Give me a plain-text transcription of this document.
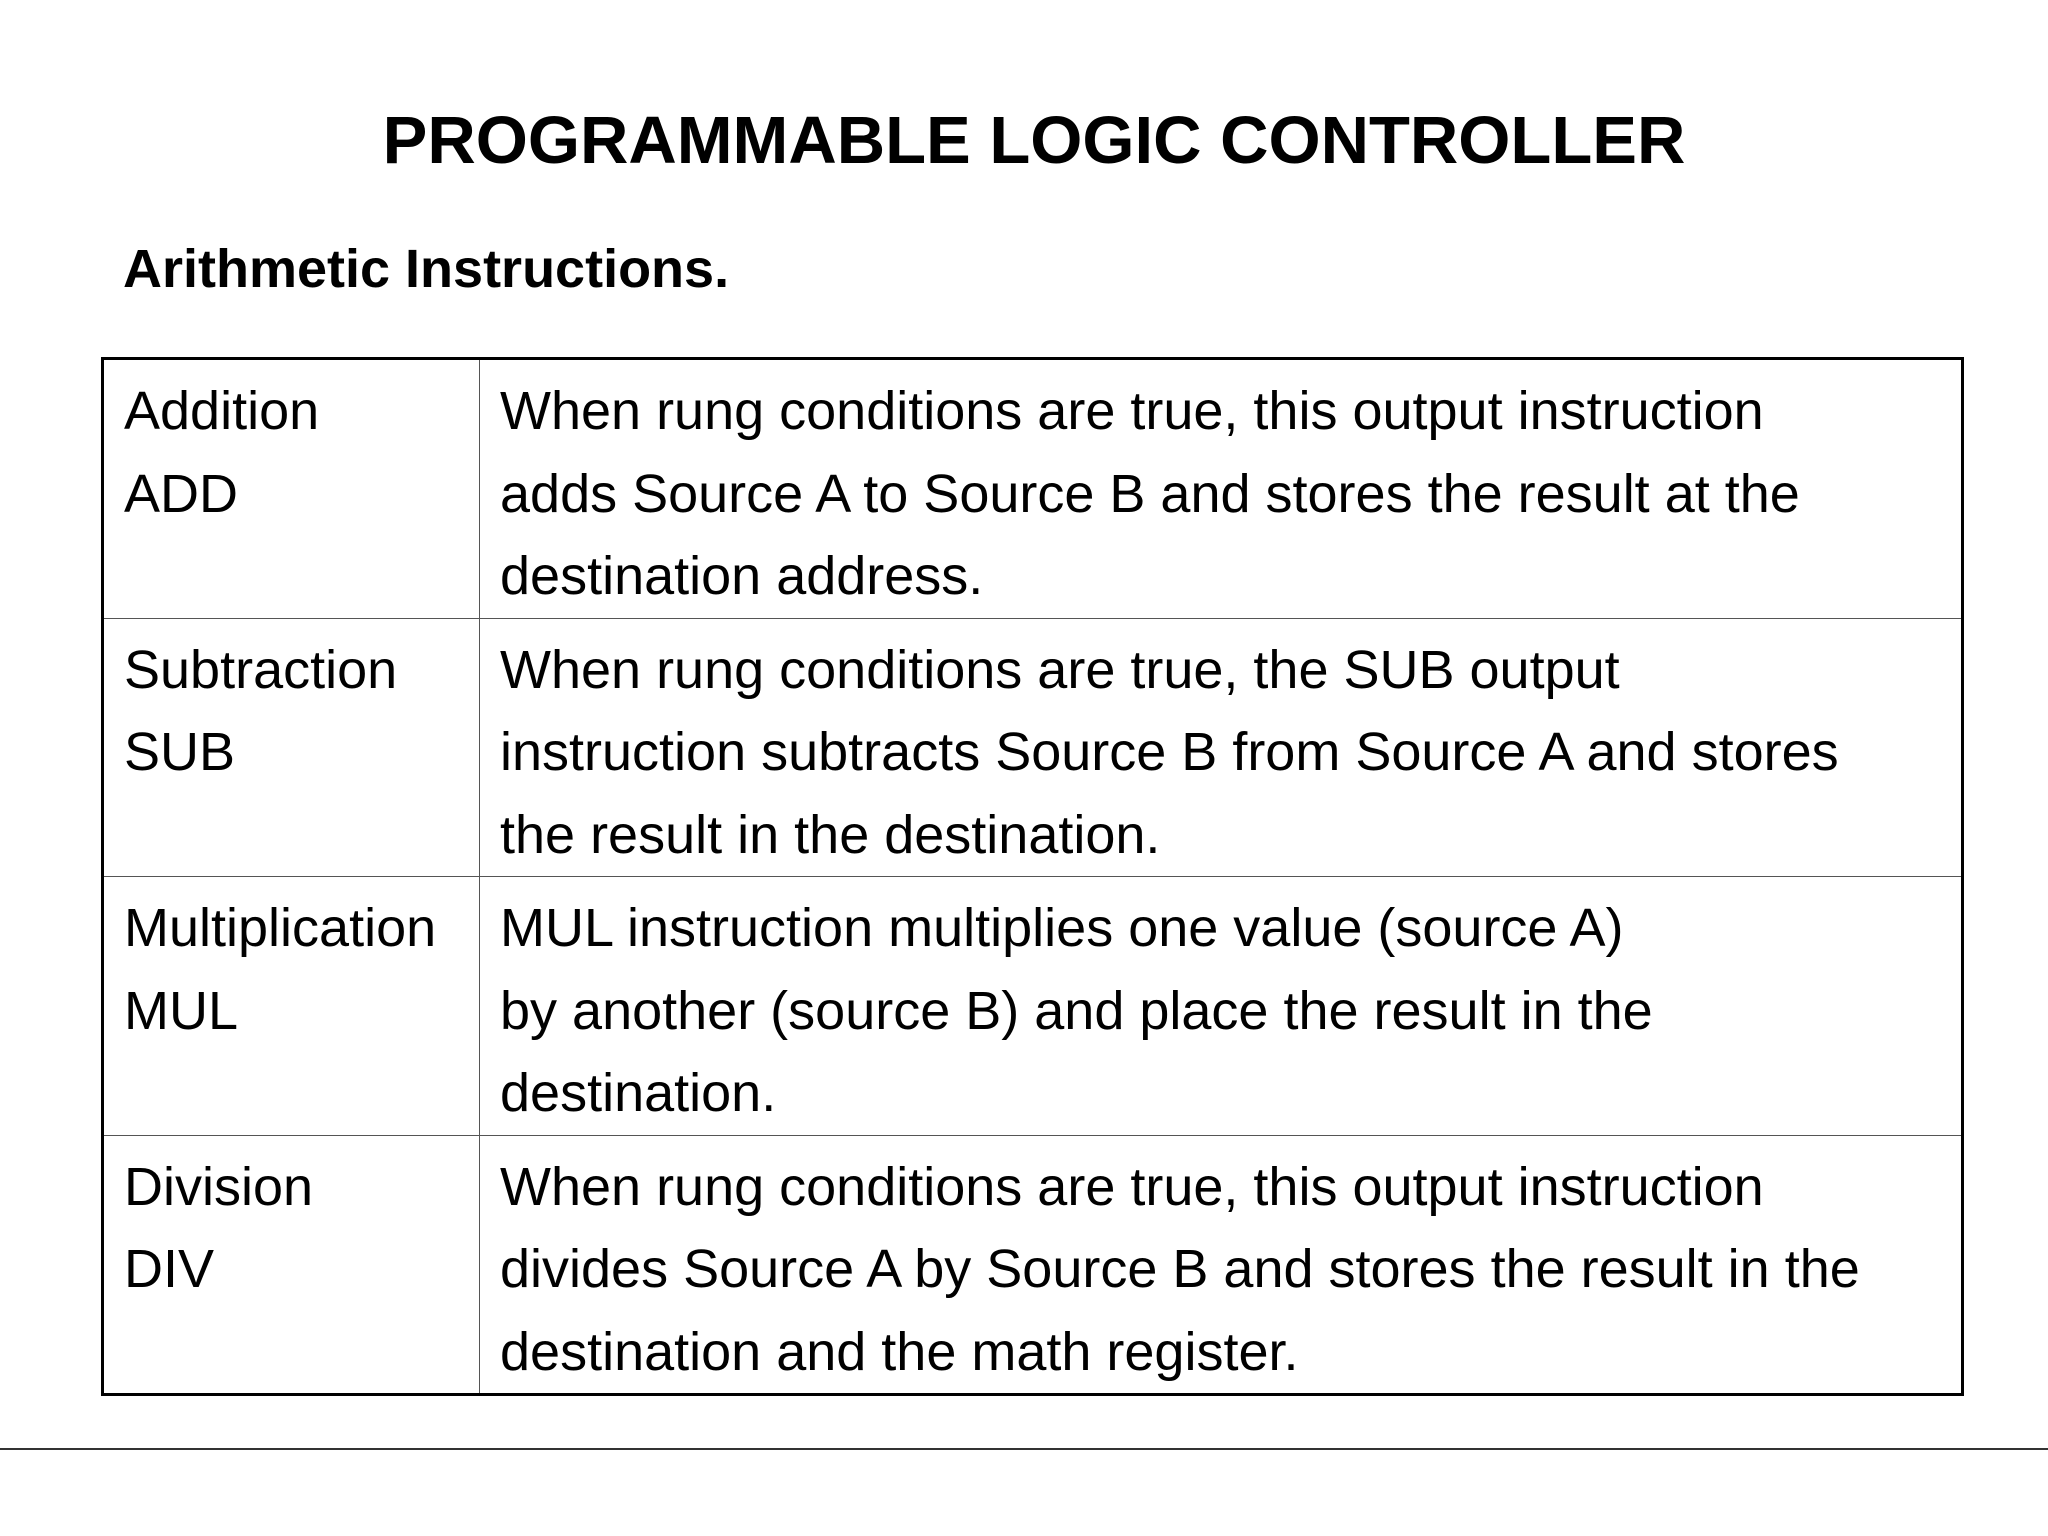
PROGRAMMABLE LOGIC CONTROLLER
Arithmetic Instructions.
Addition
ADD	When rung conditions are true, this output instruction
adds Source A to Source B and stores the result at the
destination address.

Subtraction
SUB	When rung conditions are true, the SUB output
instruction subtracts Source B from Source A and stores
the result in the destination.

Multiplication
MUL	MUL instruction multiplies one value (source A)
by another (source B) and place the result in the
destination.

Division
DIV	When rung conditions are true, this output instruction
divides Source A by Source B and stores the result in the
destination and the math register.
